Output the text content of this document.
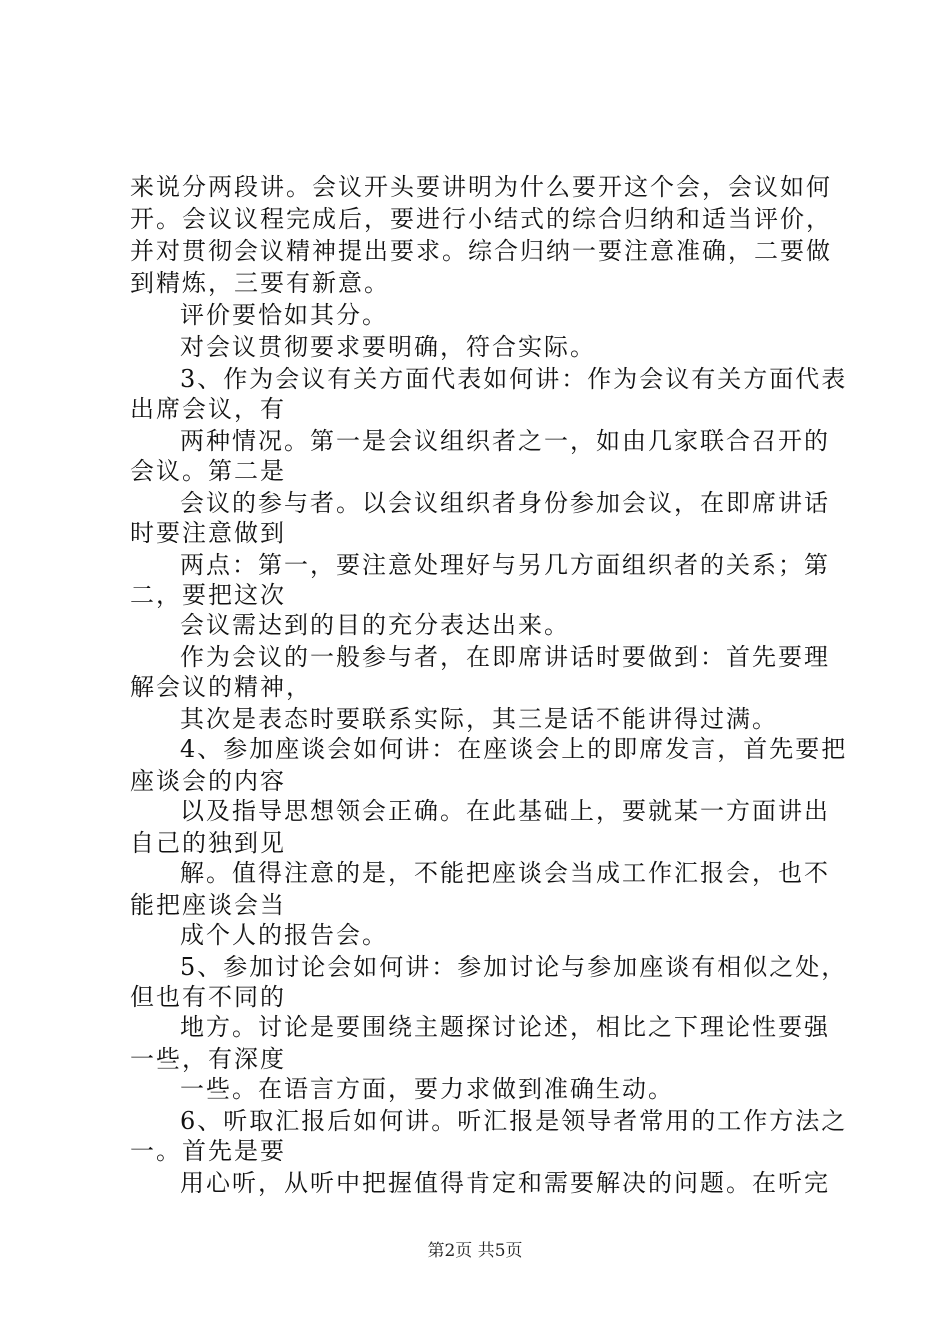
来说分两段讲。会议开头要讲明为什么要开这个会，会议如何
开。会议议程完成后，要进行小结式的综合归纳和适当评价，
并对贯彻会议精神提出要求。综合归纳一要注意准确，二要做
到精炼，三要有新意。
评价要恰如其分。
对会议贯彻要求要明确，符合实际。
3、作为会议有关方面代表如何讲：作为会议有关方面代表
出席会议，有
两种情况。第一是会议组织者之一，如由几家联合召开的
会议。第二是
会议的参与者。以会议组织者身份参加会议，在即席讲话
时要注意做到
两点：第一，要注意处理好与另几方面组织者的关系；第
二，要把这次
会议需达到的目的充分表达出来。
作为会议的一般参与者，在即席讲话时要做到：首先要理
解会议的精神，
其次是表态时要联系实际，其三是话不能讲得过满。
4、参加座谈会如何讲：在座谈会上的即席发言，首先要把
座谈会的内容
以及指导思想领会正确。在此基础上，要就某一方面讲出
自己的独到见
解。值得注意的是，不能把座谈会当成工作汇报会，也不
能把座谈会当
成个人的报告会。
5、参加讨论会如何讲：参加讨论与参加座谈有相似之处，
但也有不同的
地方。讨论是要围绕主题探讨论述，相比之下理论性要强
一些，有深度
一些。在语言方面，要力求做到准确生动。
6、听取汇报后如何讲。听汇报是领导者常用的工作方法之
一。首先是要
用心听，从听中把握值得肯定和需要解决的问题。在听完
第2页 共5页
